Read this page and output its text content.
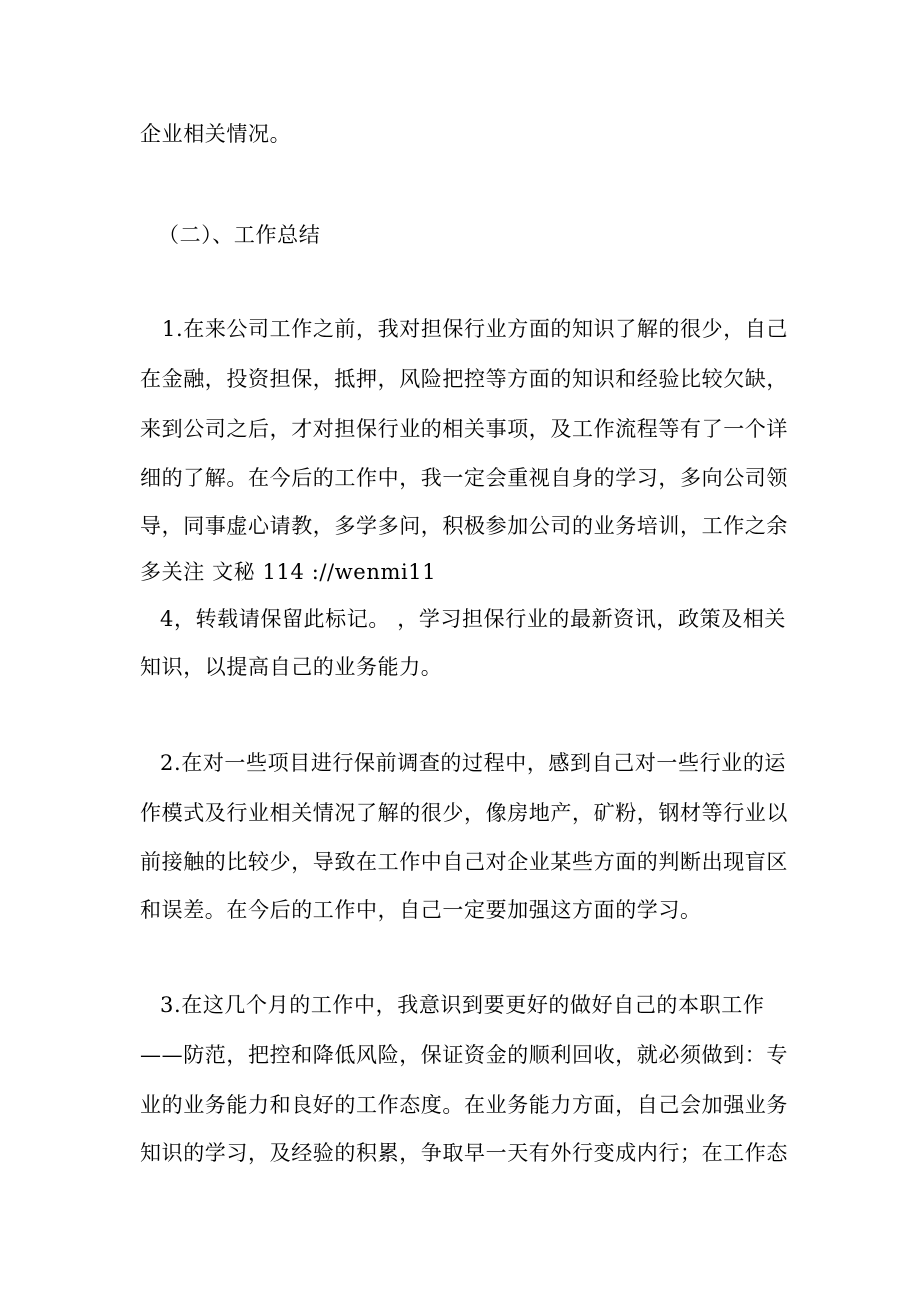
企业相关情况。
（二）、工作总结
1.在来公司工作之前，我对担保行业方面的知识了解的很少，自己
在金融，投资担保，抵押，风险把控等方面的知识和经验比较欠缺，
来到公司之后，才对担保行业的相关事项，及工作流程等有了一个详
细的了解。在今后的工作中，我一定会重视自身的学习，多向公司领
导，同事虚心请教，多学多问，积极参加公司的业务培训，工作之余
多关注 文秘 114 ://wenmi11
4，转载请保留此标记。 ，学习担保行业的最新资讯，政策及相关
知识，以提高自己的业务能力。
2.在对一些项目进行保前调查的过程中，感到自己对一些行业的运
作模式及行业相关情况了解的很少，像房地产，矿粉，钢材等行业以
前接触的比较少，导致在工作中自己对企业某些方面的判断出现盲区
和误差。在今后的工作中，自己一定要加强这方面的学习。
3.在这几个月的工作中，我意识到要更好的做好自己的本职工作
——防范，把控和降低风险，保证资金的顺利回收，就必须做到：专
业的业务能力和良好的工作态度。在业务能力方面，自己会加强业务
知识的学习，及经验的积累，争取早一天有外行变成内行；在工作态
